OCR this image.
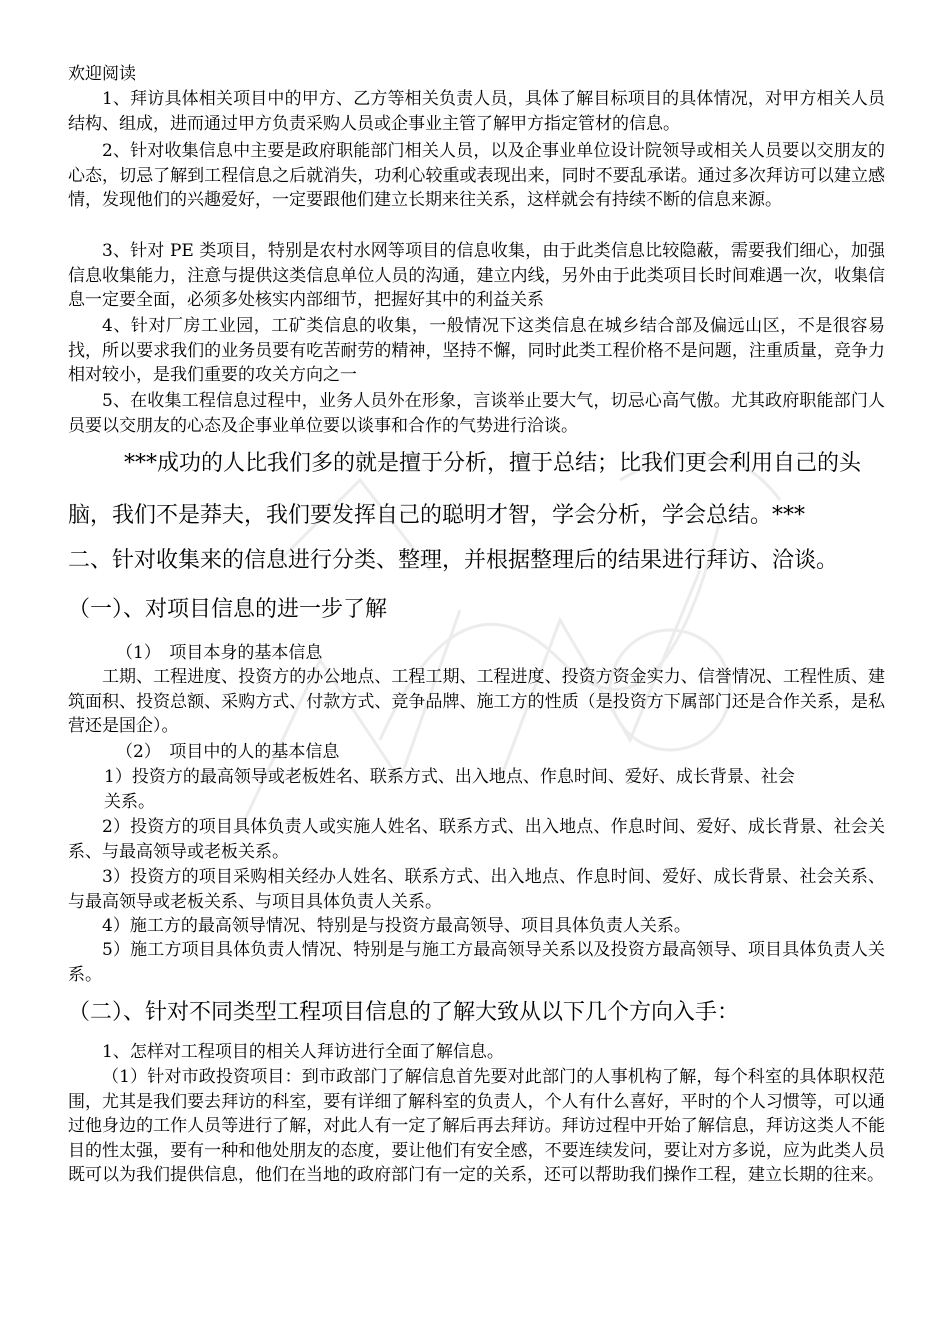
欢迎阅读

1、拜访具体相关项目中的甲方、乙方等相关负责人员，具体了解目标项目的具体情况，对甲方相关人员结构、组成，进而通过甲方负责采购人员或企事业主管了解甲方指定管材的信息。

2、针对收集信息中主要是政府职能部门相关人员，以及企事业单位设计院领导或相关人员要以交朋友的心态，切忌了解到工程信息之后就消失，功利心较重或表现出来，同时不要乱承诺。通过多次拜访可以建立感情，发现他们的兴趣爱好，一定要跟他们建立长期来往关系，这样就会有持续不断的信息来源。

3、针对 PE 类项目，特别是农村水网等项目的信息收集，由于此类信息比较隐蔽，需要我们细心，加强信息收集能力，注意与提供这类信息单位人员的沟通，建立内线，另外由于此类项目长时间难遇一次，收集信息一定要全面，必须多处核实内部细节，把握好其中的利益关系

4、针对厂房工业园，工矿类信息的收集，一般情况下这类信息在城乡结合部及偏远山区，不是很容易找，所以要求我们的业务员要有吃苦耐劳的精神，坚持不懈，同时此类工程价格不是问题，注重质量，竞争力相对较小，是我们重要的攻关方向之一

5、在收集工程信息过程中，业务人员外在形象，言谈举止要大气，切忌心高气傲。尤其政府职能部门人员要以交朋友的心态及企事业单位要以谈事和合作的气势进行洽谈。

***成功的人比我们多的就是擅于分析，擅于总结；比我们更会利用自己的头

脑，我们不是莽夫，我们要发挥自己的聪明才智，学会分析，学会总结。***

二、针对收集来的信息进行分类、整理，并根据整理后的结果进行拜访、洽谈。

（一）、对项目信息的进一步了解

（1）　项目本身的基本信息

工期、工程进度、投资方的办公地点、工程工期、工程进度、投资方资金实力、信誉情况、工程性质、建筑面积、投资总额、采购方式、付款方式、竞争品牌、施工方的性质（是投资方下属部门还是合作关系，是私营还是国企）。

（2）　项目中的人的基本信息

1）投资方的最高领导或老板姓名、联系方式、出入地点、作息时间、爱好、成长背景、社会

关系。

2）投资方的项目具体负责人或实施人姓名、联系方式、出入地点、作息时间、爱好、成长背景、社会关系、与最高领导或老板关系。

3）投资方的项目采购相关经办人姓名、联系方式、出入地点、作息时间、爱好、成长背景、社会关系、与最高领导或老板关系、与项目具体负责人关系。

4）施工方的最高领导情况、特别是与投资方最高领导、项目具体负责人关系。

5）施工方项目具体负责人情况、特别是与施工方最高领导关系以及投资方最高领导、项目具体负责人关系。

（二）、针对不同类型工程项目信息的了解大致从以下几个方向入手：

1、怎样对工程项目的相关人拜访进行全面了解信息。

（1）针对市政投资项目：到市政部门了解信息首先要对此部门的人事机构了解，每个科室的具体职权范围，尤其是我们要去拜访的科室，要有详细了解科室的负责人，个人有什么喜好，平时的个人习惯等，可以通过他身边的工作人员等进行了解，对此人有一定了解后再去拜访。拜访过程中开始了解信息，拜访这类人不能目的性太强，要有一种和他处朋友的态度，要让他们有安全感，不要连续发问，要让对方多说，应为此类人员既可以为我们提供信息，他们在当地的政府部门有一定的关系，还可以帮助我们操作工程，建立长期的往来。
